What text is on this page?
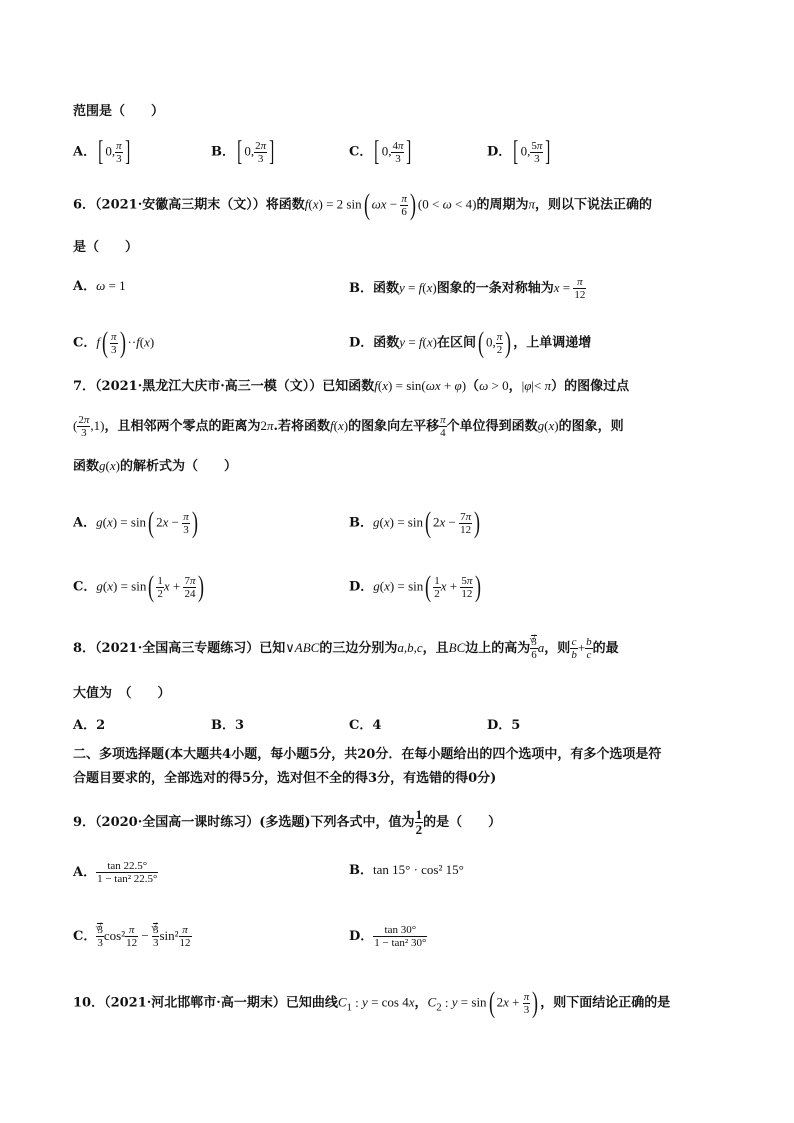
范围是（　　）
A．[ 0, $\frac{\pi}{3}$ ]	B．[ 0, $\frac{2\pi}{3}$ ]	C．[ 0, $\frac{4\pi}{3}$ ]	D．[ 0, $\frac{5\pi}{3}$ ]
6．（2021·安徽高三期末（文））将函数f(x) = 2 sin( $\omega x - \frac{\pi}{6}$ ) (0 < ω < 4)的周期为π，则以下说法正确的
是（　　）
A．ω = 1	B．函数y = f(x)图象的一条对称轴为$x = \frac{\pi}{12}$
C．$f( \frac{\pi}{3}$ ) ··f(x)	D．函数y = f(x)在区间( 0, $\frac{\pi}{2}$ ) ，上单调递增
7．（2021·黑龙江大庆市·高三一模（文））已知函数f(x) = sin(ωx + φ)（ω > 0，|φ|< π）的图像过点
( $\frac{2\pi}{3} ,1$)，且相邻两个零点的距离为2π.若将函数f(x)的图象向左平移 $\frac{\pi}{4}$ 个单位得到函数g(x)的图象，则
函数g(x)的解析式为（　　）
A．g(x) = sin( $2x - \frac{\pi}{3}$ )	B．g(x) = sin( $2x - \frac{7\pi}{12}$ )
C．$g(x) = \sin( \frac{1}{2}$ $x + \frac{7\pi}{24}$ )	D．$g(x) = \sin( \frac{1}{2}$ $x + \frac{5\pi}{12}$ )
8．（2021·全国高三专题练习）已知∨ABC的三边分别为a,b,c，且BC边上的高为 √ $\frac{3}{6}$ a，则 $\frac{c}{b} + \frac{b}{c}$ 的最
大值为　（　　）
A．2	B．3	C．4	D．5
二、多项选择题(本大题共4小题，每小题5分，共20分．在每小题给出的四个选项中，有多个选项是符
合题目要求的，全部选对的得5分，选对但不全的得3分，有选错的得0分)
9．（2020·全国高一课时练习）(多选题)下列各式中，值为 $\frac{1}{2}$ 的是（　　）
A． $\frac{\tan 22.5^\circ}{\text{1 − tan² 22.5°}}$	B．tan 15° · cos² 15°
C． √ $\frac{3}{3} \cos^2 \frac{\pi}{12}$ − √ $\frac{3}{3} \sin^2 \frac{\pi}{12}$	D． $\frac{\tan 30^\circ}{\text{1 − tan² 30°}}$
10．（2021·河北邯郸市·高一期末）已知曲线$C_1$ : y = cos 4x，$C_2$ : y = sin( $2x + \frac{\pi}{3}$ ) ，则下面结论正确的是
